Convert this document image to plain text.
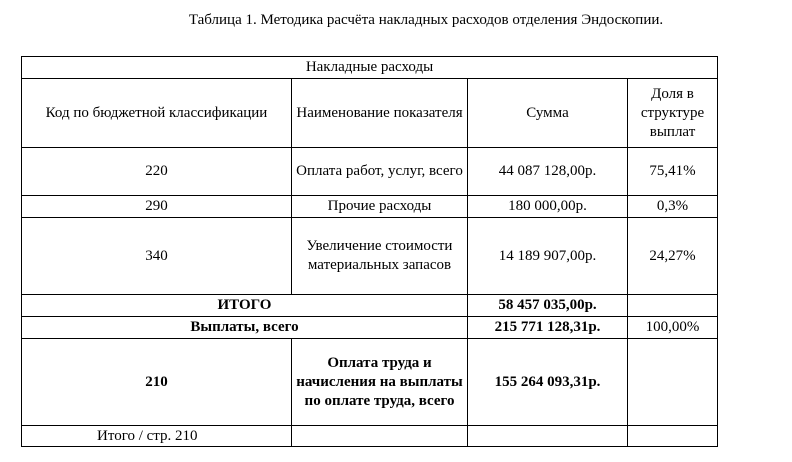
Таблица 1. Методика расчёта накладных расходов отделения Эндоскопии.
Накладные расходы			
Код по бюджетной классификации	Наименование показателя	Сумма	Доля в структуре выплат
220	Оплата работ, услуг, всего	44 087 128,00р.	75,41%
290	Прочие расходы	180 000,00р.	0,3%
340	Увеличение стоимости материальных запасов	14 189 907,00р.	24,27%
ИТОГО		58 457 035,00р.	
Выплаты, всего		215 771 128,31р.	100,00%
210	Оплата труда и начисления на выплаты по оплате труда, всего	155 264 093,31р.	
Итого / стр. 210			
